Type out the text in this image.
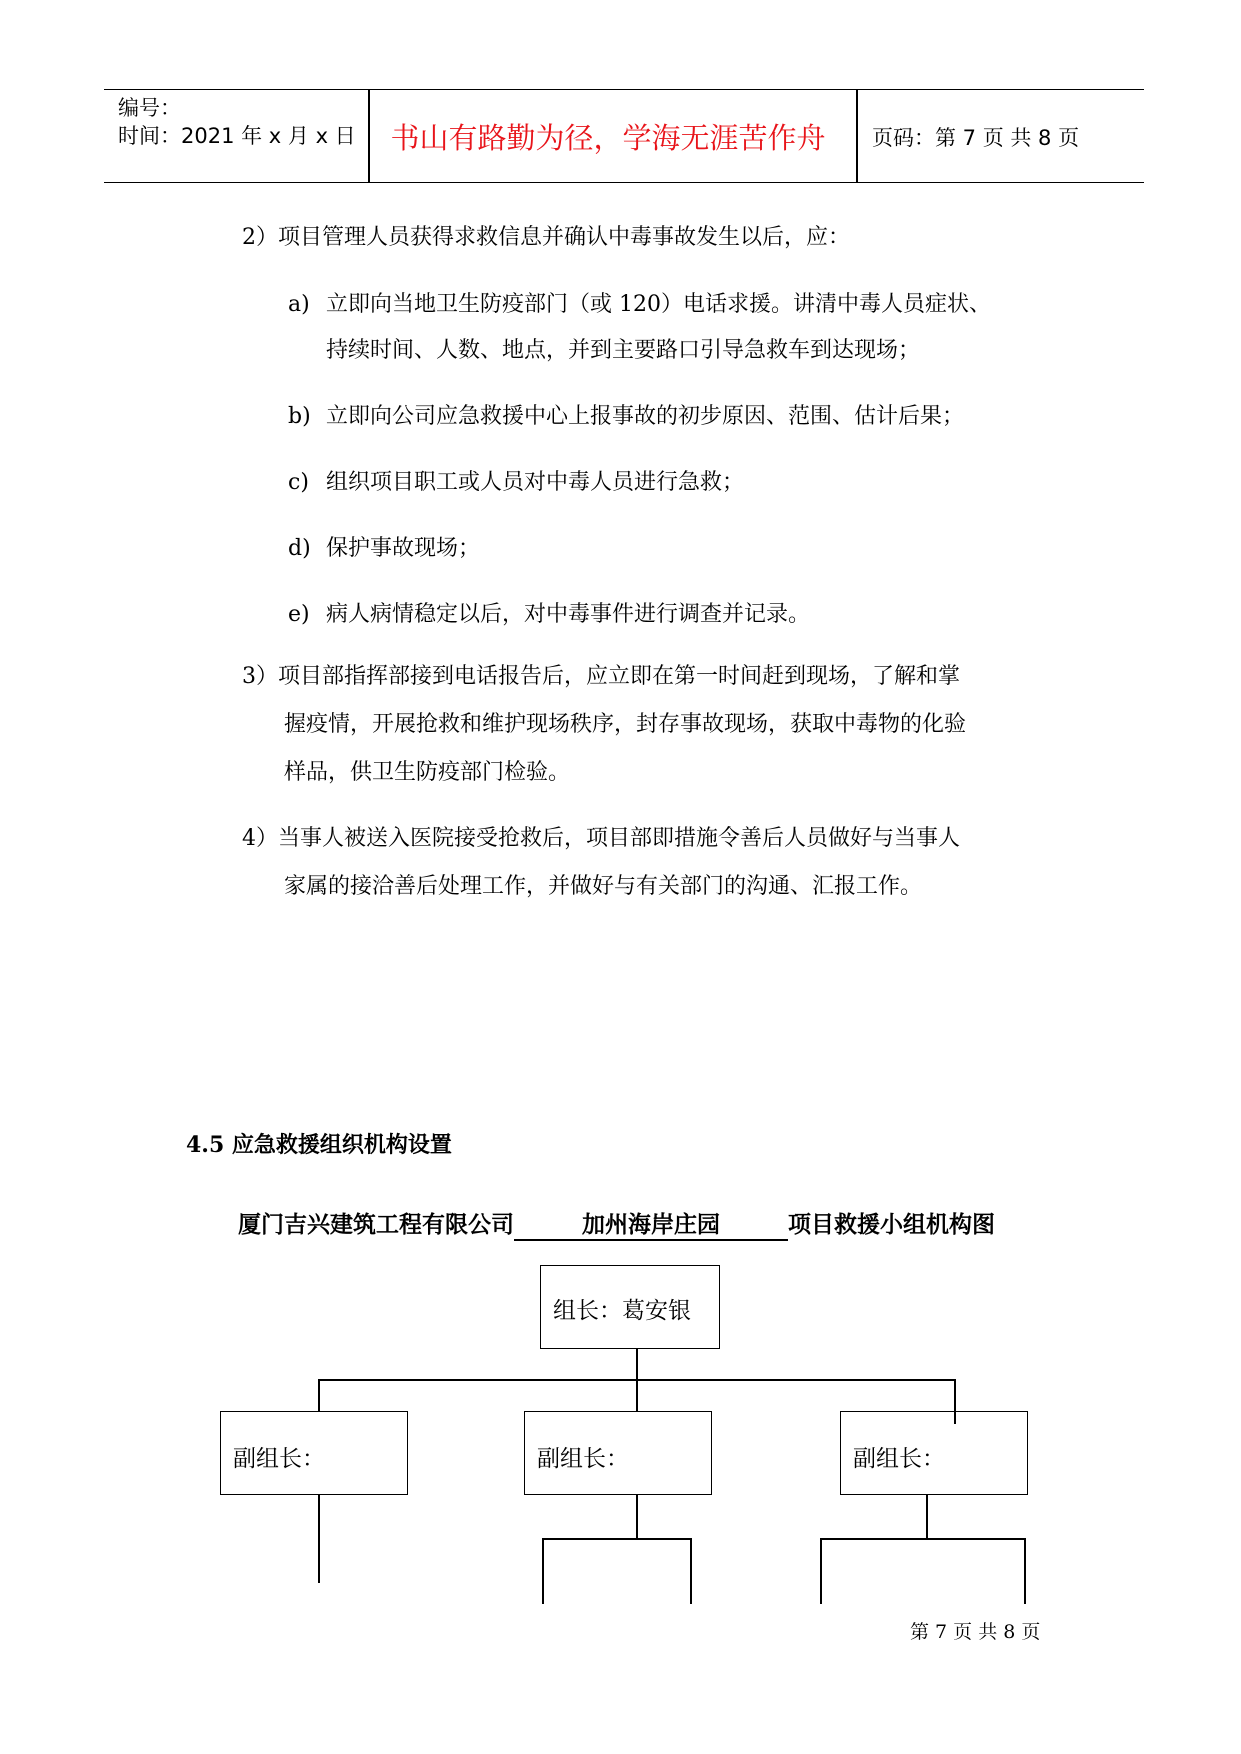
编号：
时间：2021 年 x 月 x 日	书山有路勤为径，学海无涯苦作舟	页码：第 7 页 共 8 页
2）项目管理人员获得求救信息并确认中毒事故发生以后，应：
a) 立即向当地卫生防疫部门（或 120）电话求援。讲清中毒人员症状、
持续时间、人数、地点，并到主要路口引导急救车到达现场；
b) 立即向公司应急救援中心上报事故的初步原因、范围、估计后果；
c) 组织项目职工或人员对中毒人员进行急救；
d) 保护事故现场；
e) 病人病情稳定以后，对中毒事件进行调查并记录。
3）项目部指挥部接到电话报告后，应立即在第一时间赶到现场，了解和掌
握疫情，开展抢救和维护现场秩序，封存事故现场，获取中毒物的化验
样品，供卫生防疫部门检验。
4）当事人被送入医院接受抢救后，项目部即措施令善后人员做好与当事人
家属的接洽善后处理工作，并做好与有关部门的沟通、汇报工作。
4.5 应急救援组织机构设置
厦门吉兴建筑工程有限公司	加州海岸庄园	项目救援小组机构图
组长：葛安银
副组长：	副组长：	副组长：
第 7 页 共 8 页
